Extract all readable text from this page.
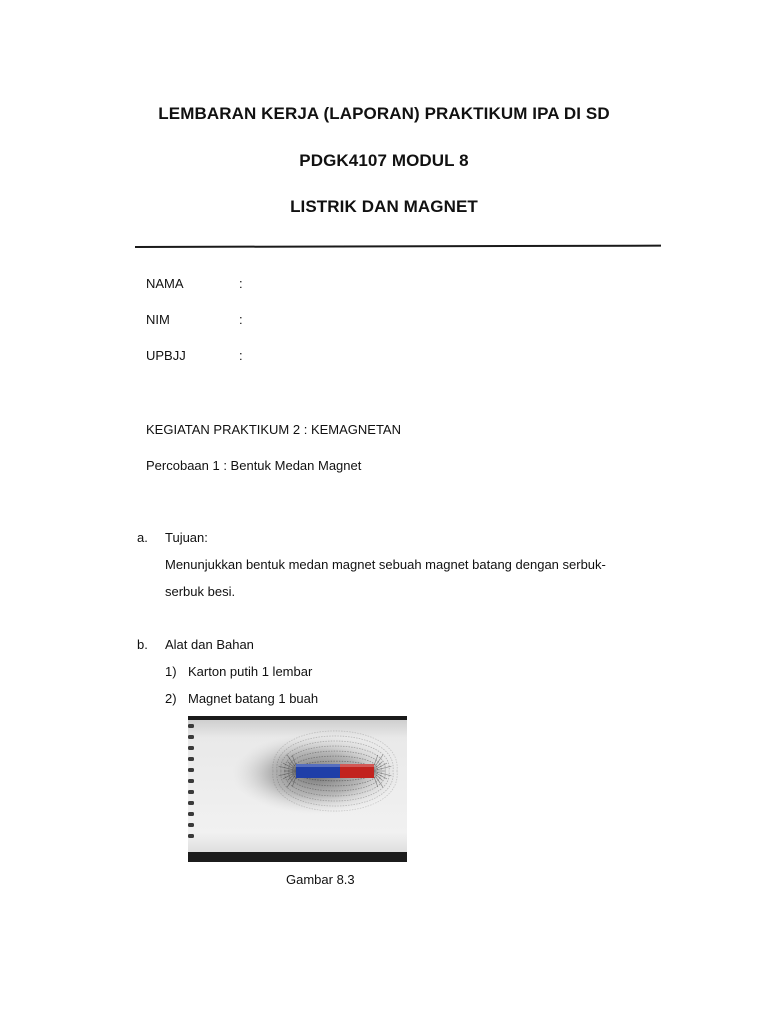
LEMBARAN KERJA (LAPORAN) PRAKTIKUM IPA DI SD
PDGK4107 MODUL 8
LISTRIK DAN MAGNET
NAMA	:
NIM	:
UPBJJ	:
KEGIATAN PRAKTIKUM 2 : KEMAGNETAN
Percobaan 1 : Bentuk Medan Magnet
a. Tujuan:
Menunjukkan bentuk medan magnet sebuah magnet batang dengan serbuk-
serbuk besi.
b. Alat dan Bahan
1) Karton putih 1 lembar
2) Magnet batang 1 buah
Gambar 8.3
